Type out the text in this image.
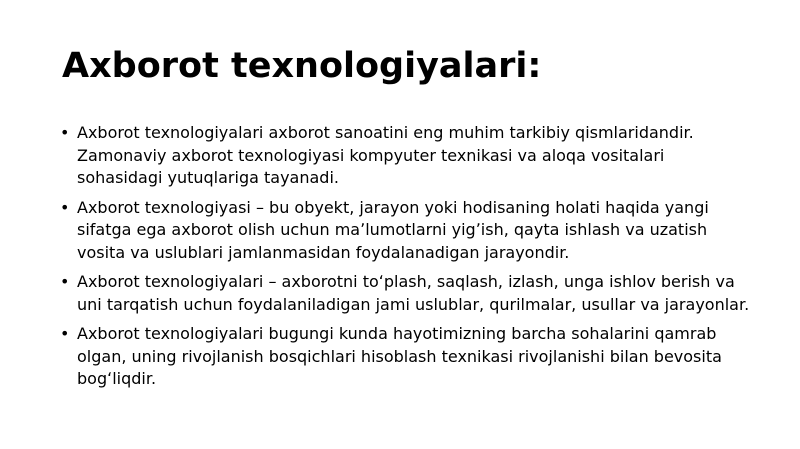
Axborot texnologiyalari:
• Axborot texnologiyalari axborot sanoatini eng muhim tarkibiy qismlaridandir. Zamonaviy axborot texnologiyasi kompyuter texnikasi va aloqa vositalari sohasidagi yutuqlariga tayanadi.
• Axborot texnologiyasi – bu obyekt, jarayon yoki hodisaning holati haqida yangi sifatga ega axborot olish uchun maʼlumotlarni yigʼish, qayta ishlash va uzatish vosita va uslublari jamlanmasidan foydalanadigan jarayondir.
• Axborot texnologiyalari – axborotni toʻplash, saqlash, izlash, unga ishlov berish va uni tarqatish uchun foydalaniladigan jami uslublar, qurilmalar, usullar va jarayonlar.
• Axborot texnologiyalari bugungi kunda hayotimizning barcha sohalarini qamrab olgan, uning rivojlanish bosqichlari hisoblash texnikasi rivojlanishi bilan bevosita bogʻliqdir.
